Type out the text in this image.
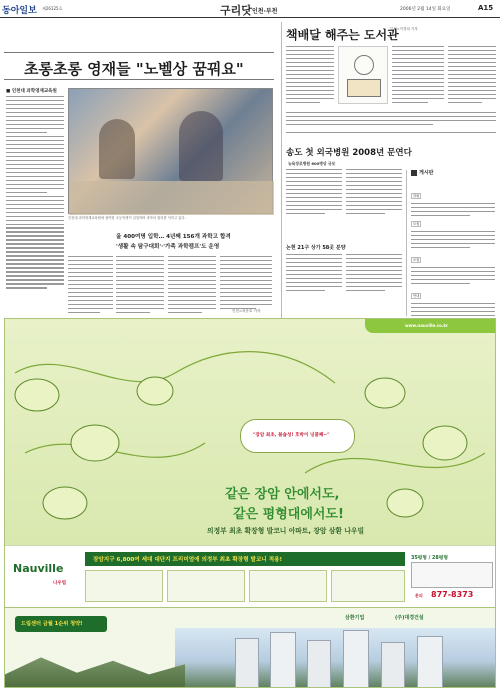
동아일보 제26125호	구리닷 인천·부천	2006년 2월 14일 화요일	A15
초롱초롱 영재들 "노벨상 꿈꿔요"
■ 인천대 과학영재교육원
인천대 과학영재교육원에 참여한 초등학생이 실험하며 과학의 원리를 익히고 있다.
올 400여명 입학… 4년째 156개 과학고 합격
'생활 속 탐구대회'·'가족 과학캠프'도 운영
인천=차준호 기자
책배달 해주는 도서관
부천=이경희 기자
송도 첫 외국병원 2008년 문연다
뉴욕장로병원 600병상 규모
논현 21구 상가 58곳 분양
게시판
알림
모집
모집
안내
www.nauville.co.kr
"장암 최초, 블숍성! 호박이 넝쿨째~"
같은 장암 안에서도,
같은 평형대에서도!
의정부 최초 확장형 발코니 아파트, 장암 삼환 나우빌
Nauville
나우빌
장암지구 6,800여 세대 대단지 프리미엄에 의정부 최초 확장형 발코니 적용!	35평형 / 28평형
문의 877-8373
드림센터 금월 1순위 청약!
삼환기업	(주)대경건설
